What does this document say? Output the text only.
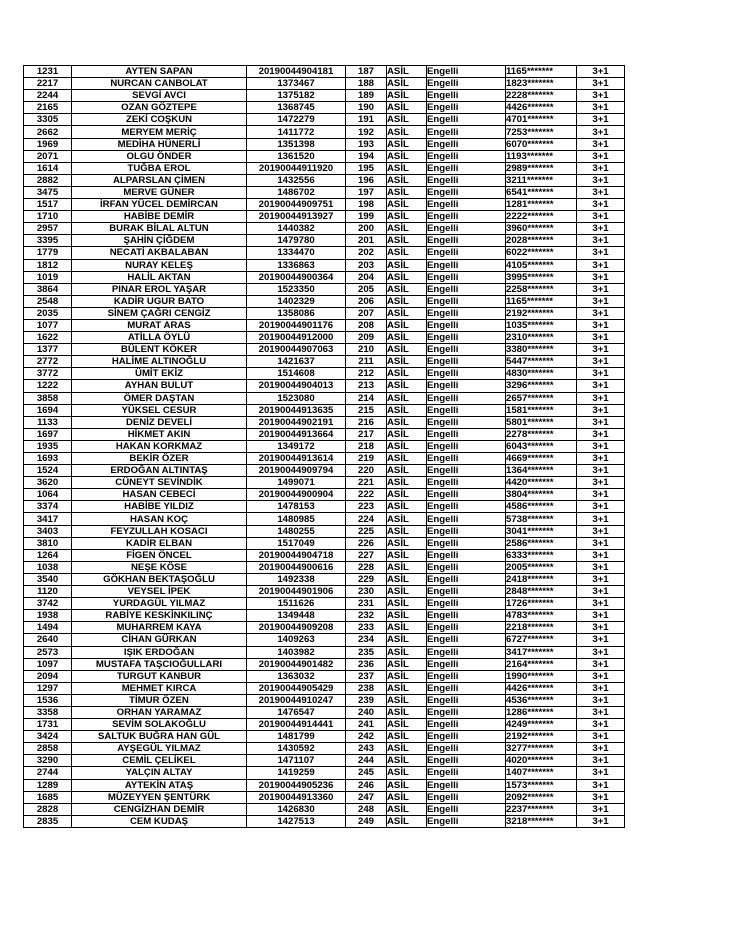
1231	AYTEN SAPAN	20190044904181	187	ASİL	Engelli	1165*******	3+1
2217	NURCAN CANBOLAT	1373467	188	ASİL	Engelli	1823*******	3+1
2244	SEVGİ AVCI	1375182	189	ASİL	Engelli	2228*******	3+1
2165	OZAN GÖZTEPE	1368745	190	ASİL	Engelli	4426*******	3+1
3305	ZEKİ COŞKUN	1472279	191	ASİL	Engelli	4701*******	3+1
2662	MERYEM MERİÇ	1411772	192	ASİL	Engelli	7253*******	3+1
1969	MEDİHA HÜNERLİ	1351398	193	ASİL	Engelli	6070*******	3+1
2071	OLGU ÖNDER	1361520	194	ASİL	Engelli	1193*******	3+1
1614	TUĞBA EROL	20190044911920	195	ASİL	Engelli	2989*******	3+1
2882	ALPARSLAN ÇİMEN	1432556	196	ASİL	Engelli	3211*******	3+1
3475	MERVE GÜNER	1486702	197	ASİL	Engelli	6541*******	3+1
1517	İRFAN YÜCEL DEMİRCAN	20190044909751	198	ASİL	Engelli	1281*******	3+1
1710	HABİBE DEMİR	20190044913927	199	ASİL	Engelli	2222*******	3+1
2957	BURAK BİLAL ALTUN	1440382	200	ASİL	Engelli	3960*******	3+1
3395	ŞAHİN ÇİĞDEM	1479780	201	ASİL	Engelli	2028*******	3+1
1779	NECATİ AKBALABAN	1334470	202	ASİL	Engelli	6022*******	3+1
1812	NURAY KELEŞ	1336863	203	ASİL	Engelli	4105*******	3+1
1019	HALİL AKTAN	20190044900364	204	ASİL	Engelli	3995*******	3+1
3864	PINAR EROL YAŞAR	1523350	205	ASİL	Engelli	2258*******	3+1
2548	KADİR UGUR BATO	1402329	206	ASİL	Engelli	1165*******	3+1
2035	SİNEM ÇAĞRI CENGİZ	1358086	207	ASİL	Engelli	2192*******	3+1
1077	MURAT ARAS	20190044901176	208	ASİL	Engelli	1035*******	3+1
1622	ATİLLA ÖYLÜ	20190044912000	209	ASİL	Engelli	2310*******	3+1
1377	BÜLENT KÖKER	20190044907063	210	ASİL	Engelli	3380*******	3+1
2772	HALİME ALTINOĞLU	1421637	211	ASİL	Engelli	5447*******	3+1
3772	ÜMİT EKİZ	1514608	212	ASİL	Engelli	4830*******	3+1
1222	AYHAN BULUT	20190044904013	213	ASİL	Engelli	3296*******	3+1
3858	ÖMER DAŞTAN	1523080	214	ASİL	Engelli	2657*******	3+1
1694	YÜKSEL CESUR	20190044913635	215	ASİL	Engelli	1581*******	3+1
1133	DENİZ DEVELİ	20190044902191	216	ASİL	Engelli	5801*******	3+1
1697	HİKMET AKIN	20190044913664	217	ASİL	Engelli	2278*******	3+1
1935	HAKAN KORKMAZ	1349172	218	ASİL	Engelli	6043*******	3+1
1693	BEKİR ÖZER	20190044913614	219	ASİL	Engelli	4669*******	3+1
1524	ERDOĞAN ALTINTAŞ	20190044909794	220	ASİL	Engelli	1364*******	3+1
3620	CÜNEYT SEVİNDİK	1499071	221	ASİL	Engelli	4420*******	3+1
1064	HASAN CEBECİ	20190044900904	222	ASİL	Engelli	3804*******	3+1
3374	HABİBE YILDIZ	1478153	223	ASİL	Engelli	4586*******	3+1
3417	HASAN KOÇ	1480985	224	ASİL	Engelli	5738*******	3+1
3403	FEYZULLAH KOSACI	1480255	225	ASİL	Engelli	3041*******	3+1
3810	KADİR ELBAN	1517049	226	ASİL	Engelli	2586*******	3+1
1264	FİGEN ÖNCEL	20190044904718	227	ASİL	Engelli	6333*******	3+1
1038	NEŞE KÖSE	20190044900616	228	ASİL	Engelli	2005*******	3+1
3540	GÖKHAN BEKTAŞOĞLU	1492338	229	ASİL	Engelli	2418*******	3+1
1120	VEYSEL İPEK	20190044901906	230	ASİL	Engelli	2848*******	3+1
3742	YURDAGÜL YILMAZ	1511626	231	ASİL	Engelli	1726*******	3+1
1938	RABİYE KESKİNKILINÇ	1349448	232	ASİL	Engelli	4783*******	3+1
1494	MUHARREM KAYA	20190044909208	233	ASİL	Engelli	2218*******	3+1
2640	CİHAN GÜRKAN	1409263	234	ASİL	Engelli	6727*******	3+1
2573	IŞIK ERDOĞAN	1403982	235	ASİL	Engelli	3417*******	3+1
1097	MUSTAFA TAŞCIOĞULLARI	20190044901482	236	ASİL	Engelli	2164*******	3+1
2094	TURGUT KANBUR	1363032	237	ASİL	Engelli	1990*******	3+1
1297	MEHMET KIRCA	20190044905429	238	ASİL	Engelli	4426*******	3+1
1536	TİMUR ÖZEN	20190044910247	239	ASİL	Engelli	4536*******	3+1
3358	ORHAN YARAMAZ	1476547	240	ASİL	Engelli	1286*******	3+1
1731	SEVİM SOLAKOĞLU	20190044914441	241	ASİL	Engelli	4249*******	3+1
3424	SALTUK BUĞRA HAN GÜL	1481799	242	ASİL	Engelli	2192*******	3+1
2858	AYŞEGÜL YILMAZ	1430592	243	ASİL	Engelli	3277*******	3+1
3290	CEMİL ÇELİKEL	1471107	244	ASİL	Engelli	4020*******	3+1
2744	YALÇIN ALTAY	1419259	245	ASİL	Engelli	1407*******	3+1
1289	AYTEKİN ATAŞ	20190044905236	246	ASİL	Engelli	1573*******	3+1
1685	MÜZEYYEN ŞENTÜRK	20190044913360	247	ASİL	Engelli	2092*******	3+1
2828	CENGİZHAN DEMİR	1426830	248	ASİL	Engelli	2237*******	3+1
2835	CEM KUDAŞ	1427513	249	ASİL	Engelli	3218*******	3+1
